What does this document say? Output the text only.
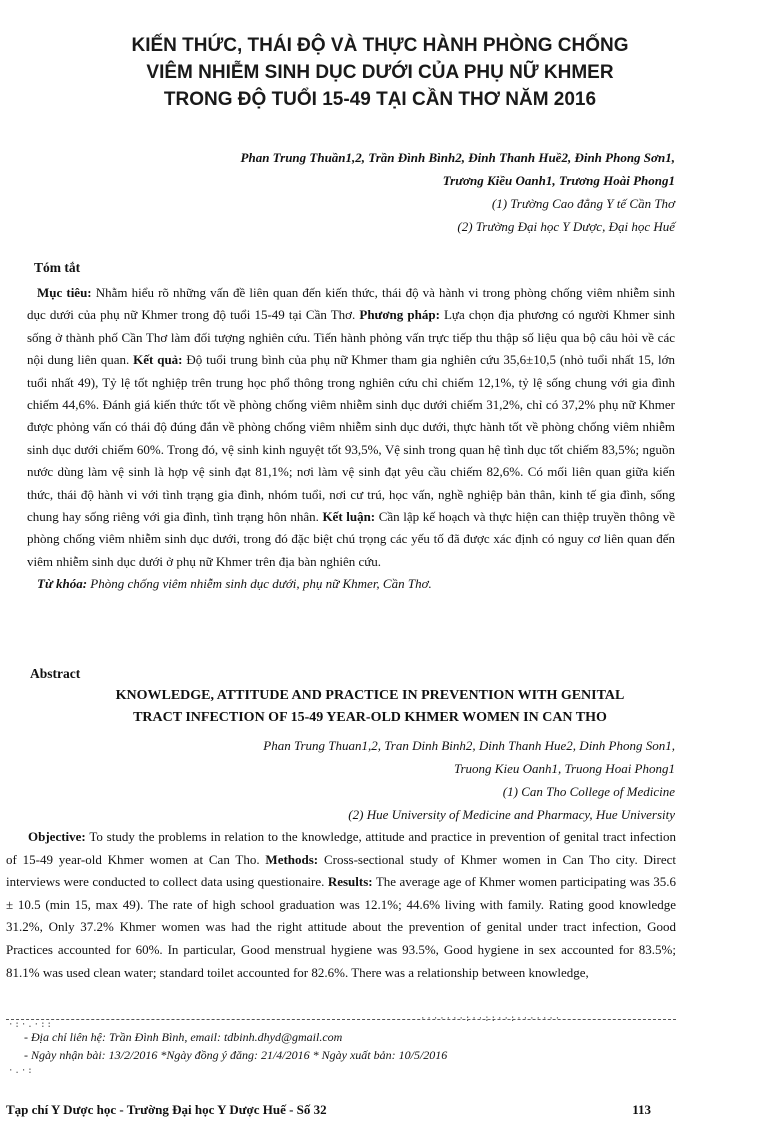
KIẾN THỨC, THÁI ĐỘ VÀ THỰC HÀNH PHÒNG CHỐNG
VIÊM NHIỄM SINH DỤC DƯỚI CỦA PHỤ NỮ KHMER
TRONG ĐỘ TUỔI 15-49 TẠI CẦN THƠ NĂM 2016
Phan Trung Thuần1,2, Trần Đình Bình2, Đinh Thanh Huề2, Đinh Phong Sơn1,
Trương Kiều Oanh1, Trương Hoài Phong1
(1) Trường Cao đẳng Y tế Cần Thơ
(2) Trường Đại học Y Dược, Đại học Huế
Tóm tắt

Mục tiêu: Nhằm hiểu rõ những vấn đề liên quan đến kiến thức, thái độ và hành vi trong phòng chống viêm nhiễm sinh dục dưới của phụ nữ Khmer trong độ tuổi 15-49 tại Cần Thơ. Phương pháp: Lựa chọn địa phương có người Khmer sinh sống ở thành phố Cần Thơ làm đối tượng nghiên cứu. Tiến hành phỏng vấn trực tiếp thu thập số liệu qua bộ câu hỏi về các nội dung liên quan. Kết quả: Độ tuổi trung bình của phụ nữ Khmer tham gia nghiên cứu 35,6±10,5 (nhỏ tuổi nhất 15, lớn tuổi nhất 49), Tỷ lệ tốt nghiệp trên trung học phổ thông trong nghiên cứu chỉ chiếm 12,1%, tỷ lệ sống chung với gia đình chiếm 44,6%. Đánh giá kiến thức tốt về phòng chống viêm nhiễm sinh dục dưới chiếm 31,2%, chỉ có 37,2% phụ nữ Khmer được phỏng vấn có thái độ đúng đắn về phòng chống viêm nhiễm sinh dục dưới, thực hành tốt về phòng chống viêm nhiễm sinh dục dưới chiếm 60%. Trong đó, vệ sinh kinh nguyệt tốt 93,5%, Vệ sinh trong quan hệ tình dục tốt chiếm 83,5%; nguồn nước dùng làm vệ sinh là hợp vệ sinh đạt 81,1%; nơi làm vệ sinh đạt yêu cầu chiếm 82,6%. Có mối liên quan giữa kiến thức, thái độ hành vi với tình trạng gia đình, nhóm tuổi, nơi cư trú, học vấn, nghề nghiệp bản thân, kinh tế gia đình, sống chung hay sống riêng với gia đình, tình trạng hôn nhân. Kết luận: Cần lập kế hoạch và thực hiện can thiệp truyền thông về phòng chống viêm nhiễm sinh dục dưới, trong đó đặc biệt chú trọng các yếu tố đã được xác định có nguy cơ liên quan đến viêm nhiễm sinh dục dưới ở phụ nữ Khmer trên địa bàn nghiên cứu.

Từ khóa: Phòng chống viêm nhiễm sinh dục dưới, phụ nữ Khmer, Cần Thơ.

Abstract
KNOWLEDGE, ATTITUDE AND PRACTICE IN PREVENTION WITH GENITAL
TRACT INFECTION OF 15-49 YEAR-OLD KHMER WOMEN IN CAN THO
Phan Trung Thuan1,2, Tran Dinh Binh2, Dinh Thanh Hue2, Dinh Phong Son1,
Truong Kieu Oanh1, Truong Hoai Phong1
(1) Can Tho College of Medicine
(2) Hue University of Medicine and Pharmacy, Hue University

Objective: To study the problems in relation to the knowledge, attitude and practice in prevention of genital tract infection of 15-49 year-old Khmer women at Can Tho. Methods: Cross-sectional study of Khmer women in Can Tho city. Direct interviews were conducted to collect data using questionaire. Results: The average age of Khmer women participating was 35.6 ± 10.5 (min 15, max 49). The rate of high school graduation was 12.1%; 44.6% living with family. Rating good knowledge 31.2%, Only 37.2% Khmer women was had the right attitude about the prevention of genital under tract infection, Good Practices accounted for 60%. In particular, Good menstrual hygiene was 93.5%, Good hygiene in sex accounted for 83.5%; 81.1% was used clean water; standard toilet accounted for 82.6%. There was a relationship between knowledge,

·:·.·::
·······:··::··:·······
·.·:
- Địa chỉ liên hệ: Trần Đình Bình, email: tdbinh.dhyd@gmail.com
- Ngày nhận bài: 13/2/2016 *Ngày đồng ý đăng: 21/4/2016 * Ngày xuất bản: 10/5/2016
Tạp chí Y Dược học - Trường Đại học Y Dược Huế - Số 32	113
